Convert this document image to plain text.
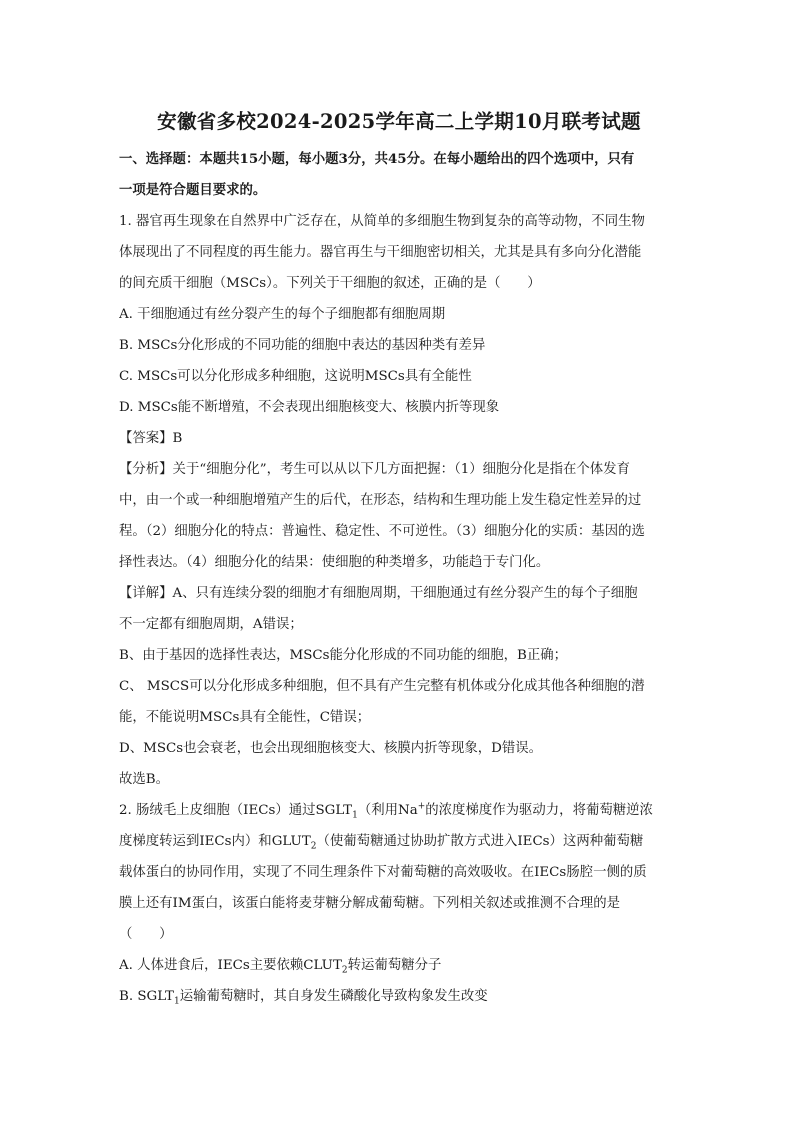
安徽省多校2024-2025学年高二上学期10月联考试题
一、选择题：本题共15小题，每小题3分，共45分。在每小题给出的四个选项中，只有
一项是符合题目要求的。
1. 器官再生现象在自然界中广泛存在，从简单的多细胞生物到复杂的高等动物，不同生物
体展现出了不同程度的再生能力。器官再生与干细胞密切相关，尤其是具有多向分化潜能
的间充质干细胞（MSCs）。下列关于干细胞的叙述，正确的是（　　）
A. 干细胞通过有丝分裂产生的每个子细胞都有细胞周期
B. MSCs分化形成的不同功能的细胞中表达的基因种类有差异
C. MSCs可以分化形成多种细胞，这说明MSCs具有全能性
D. MSCs能不断增殖，不会表现出细胞核变大、核膜内折等现象
【答案】B
【分析】关于“细胞分化”，考生可以从以下几方面把握：（1）细胞分化是指在个体发育
中，由一个或一种细胞增殖产生的后代，在形态，结构和生理功能上发生稳定性差异的过
程。（2）细胞分化的特点：普遍性、稳定性、不可逆性。（3）细胞分化的实质：基因的选
择性表达。（4）细胞分化的结果：使细胞的种类增多，功能趋于专门化。
【详解】A、只有连续分裂的细胞才有细胞周期，干细胞通过有丝分裂产生的每个子细胞
不一定都有细胞周期，A错误；
B、由于基因的选择性表达，MSCs能分化形成的不同功能的细胞，B正确；
C、 MSCS可以分化形成多种细胞，但不具有产生完整有机体或分化成其他各种细胞的潜
能，不能说明MSCs具有全能性，C错误；
D、MSCs也会衰老，也会出现细胞核变大、核膜内折等现象，D错误。
故选B。
2. 肠绒毛上皮细胞（IECs）通过$SGLT_1$（利用Na+的浓度梯度作为驱动力，将葡萄糖逆浓
度梯度转运到IECs内）和$GLUT_2$（使葡萄糖通过协助扩散方式进入IECs）这两种葡萄糖
载体蛋白的协同作用，实现了不同生理条件下对葡萄糖的高效吸收。在IECs肠腔一侧的质
膜上还有IM蛋白，该蛋白能将麦芽糖分解成葡萄糖。下列相关叙述或推测不合理的是
（　　）
A. 人体进食后，IECs主要依赖$CLUT_2$转运葡萄糖分子
B. $SGLT_1$运输葡萄糖时，其自身发生磷酸化导致构象发生改变
